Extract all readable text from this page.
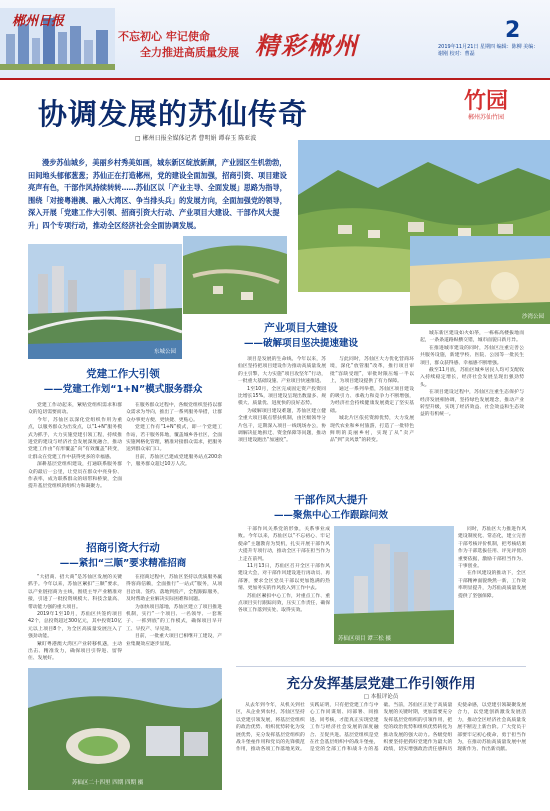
郴州日报
不忘初心 牢记使命
全力推进高质量发展 精彩郴州
2
2019年11月21日 星期四 编辑：陈柳 美编：谢刚 校对：曹磊
协调发展的苏仙传奇
□ 郴州日报全媒体记者 曹明娟 谭春玉 陈亚波
竹园
郴州苏仙竹园
漫步苏仙城乡，美丽乡村秀美如画，城东新区绽放新颜，产业园区生机勃勃，田间地头郁郁葱葱；苏仙正在打造郴州，党的建设全面加强，招商引资、项目建设亮声有色，干部作风持续转转……苏仙区以「产业主导、全面发展」思路为指导，围绕「对接粤港澳、融入大湾区、争当排头兵」的发展方向，全面加强党的领导，深入开展「党建工作大引领、招商引资大行动、产业项目大建设、干部作风大提升」四个专项行动，推动全区经济社会全面协调发展。
东城公园
沙湾公园
产业项目大建设
——破解项目坚决提速建设

项目是发展的生命线。今年以来，苏仙区坚持把项目建设作为推动高质量发展的主引擎，大力实施“项目攻坚年”行动，一批重大基础设施、产业项目快速推进。

1至10月，全区完成固定资产投资同比增长15%，项目建设呈现出数量多、规模大、质量优、进度快的良好态势。

为破解项目建设难题，苏仙区建立健全重大项目联点帮扶机制，由区级领导分片包干，定期深入项目一线现场办公，协调解决征地拆迁、资金保障等问题，推动项目建设跑出“加速度”。

与此同时，苏仙区大力优化营商环境，深化“放管服”改革，推行项目审批“容缺受理”，审批时限压缩一半以上，为项目建设提供了有力保障。

通过一系列举措，苏仙区项目建设的吸引力、承载力和竞争力不断增强，为经济社会持续健康发展奠定了坚实基础。

城北片区依托资源优势，大力发展现代农业和乡村旅游，打造了一批特色鲜明的美丽乡村，实现了从“卖产品”到“卖风景”的转变。

城东新区建设如火如荼，一栋栋高楼拔地而起，一条条道路纵横交错，城市面貌日新月异。

在推进城市建设的同时，苏仙区注重完善公共服务设施，新建学校、医院、公园等一批民生项目，群众获得感、幸福感不断增强。

截至11月底，苏仙区城乡居民人均可支配收入持续稳定增长，经济社会发展呈现出强劲势头。

在项目建设过程中，苏仙区注重生态保护与经济发展相协调，坚持绿色发展理念，推动产业转型升级，实现了经济效益、社会效益和生态效益的有机统一。

党建工作大引领
——党建工作划“1+N”模式服务群众

党建工作动起来，紧贴党组织需求和群众的迫切需要而动。

今年，苏仙区以深化党组织作用为重点，以服务群众为出发点，以“1+N”服务模式为抓手，大力实施党建引领工程，持续推进党的建设与经济社会发展深度融合，推动党建工作由“有形覆盖”向“有效覆盖”转变，让群众在党建工作中获得更多的幸福感。

深耕基层党组织建设，打通联系服务群众的最后一公里，让党员在群众中亮身份、作表率，成为联系群众的纽带和桥梁，全面提升基层党组织的组织力和凝聚力。

在服务群众过程中，各级党组织坚持以群众需求为导向，推出了一系列服务举措，让群众办事更方便、更快捷、更贴心。

党建工作有“1+N”模式，即一个党建工作站，若干服务阵地，覆盖城乡各社区，全面实施网格化管理，精准对接群众需求，把服务送到群众家门口。

目前，苏仙区已建成党建服务站点200余个，服务群众超过10万人次。

干部作风大提升
——聚焦中心工作跟踪问效

干部作风关系党的形象，关系事业成败。今年以来，苏仙区以“不忘初心、牢记使命”主题教育为契机，扎实开展干部作风大提升专项行动，推动全区干部在担当作为上走在前列。

11月13日，苏仙区召开全区干部作风建设大会，对干部作风建设进行再动员、再部署，要求全区党员干部以更加饱满的热情、更加务实的作风投入到工作中去。

苏仙区紧扣中心工作，对重点工作、重点项目实行跟踪问效，压实工作责任，确保各项工作落到实处、取得实效。

苏仙区项目 谭三松 摄

同时，苏仙区大力推进作风建设制度化、常态化，建立完善干部考核评价机制，把考核结果作为干部选拔任用、评先评优的重要依据，激励干部担当作为、干事创业。

在作风建设的推动下，全区干部精神面貌焕然一新，工作效率明显提升，为苏仙高质量发展提供了坚强保障。

招商引资大行动
——紧扣“三顺”要求精准招商

“大招商、招大商”是苏仙区发展的关键抓手。今年以来，苏仙区紧扣“三顺”要求，以产业链招商为主线，围绕主导产业精准对接，引进了一批投资规模大、科技含量高、带动能力强的重大项目。

2019年1至10月，苏仙区共签约项目42个，总投资超过300亿元，其中投资10亿元以上项目8个，为全区高质量发展注入了强劲动能。

紧盯粤港澳大湾区产业转移机遇，主动出击、精准发力，确保项目引得进、留得住、发展好。

在招商过程中，苏仙区坚持以优质服务赢得客商信赖，全面推行“一站式”服务，从项目洽谈、签约、落地到投产，全程跟踪服务，及时帮助企业解决实际困难和问题。

为加快项目落地，苏仙区建立了项目推进机制，实行“一个项目、一名领导、一套班子、一抓到底”的工作模式，确保项目早开工、早投产、早见效。

目前，一批重大项目已相继开工建设，产业集聚效应逐步显现。

苏仙区二十四里 四期 四期 摄
充分发挥基层党建工作引领作用
□ 本报评论员

从去年到今年，从机关到社区，从企业到农村，苏仙区坚持以党建引领发展，将基层党组织的政治优势、组织优势转化为发展优势，充分发挥基层党组织的战斗堡垒作用和党员的先锋模范作用，推动各项工作落地见效。实践证明，只有把党建工作与中心工作同谋划、同部署、同推进、同考核，才能真正实现党建工作与经济社会发展的深度融合、互促共进。基层党组织是党在社会基层组织中的战斗堡垒，是党的全部工作和战斗力的基础。当前，苏仙区正处于高质量发展的关键时期，更加需要充分发挥基层党组织的引领作用，把党的政治优势和组织优势转化为推动发展的强大动力。各级党组织要坚持把抓好党建作为最大的政绩，切实增强政治责任感和历史使命感，以党建引领凝聚发展合力，以党建创新激发发展活力，推动全区经济社会高质量发展不断迈上新台阶。广大党员干部要牢记初心使命，勇于担当作为，在推动苏仙高质量发展中展现新作为、作出新贡献。
